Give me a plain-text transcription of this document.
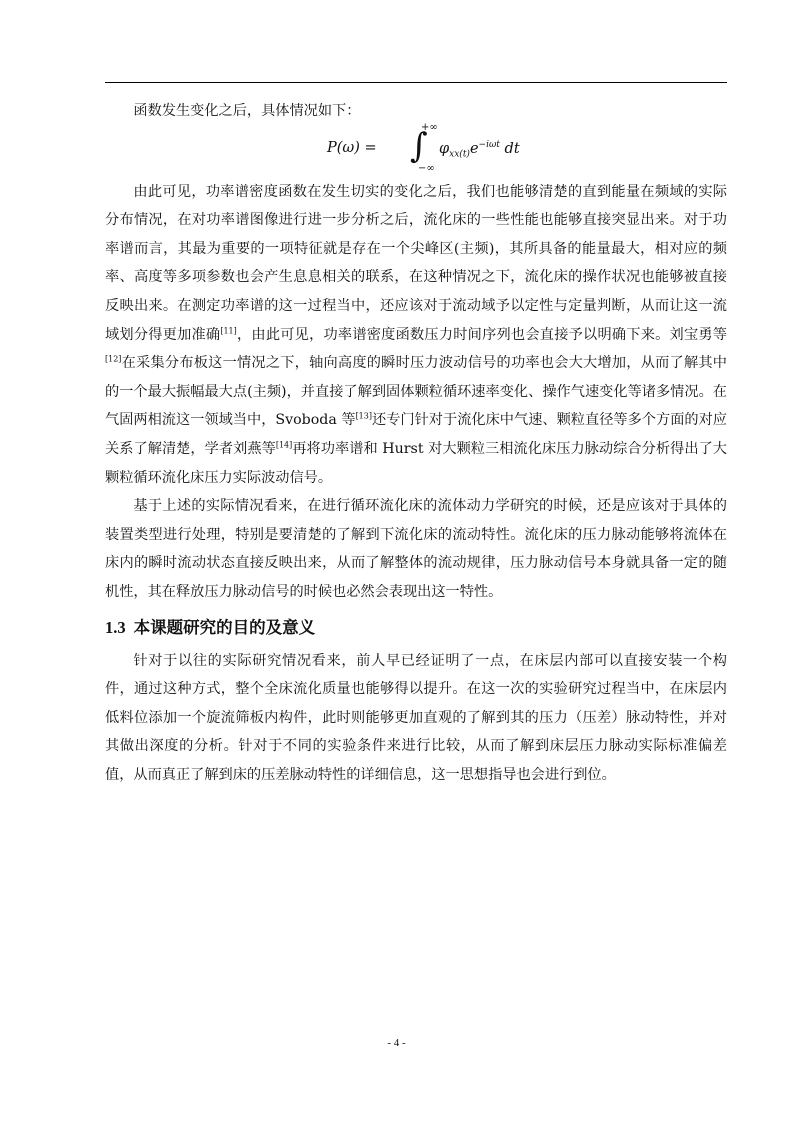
函数发生变化之后，具体情况如下：

P(ω) = ∫
+∞
−∞
$\varphi_{xx(t)}e^{-i\omega t}$ dt

由此可见，功率谱密度函数在发生切实的变化之后，我们也能够清楚的直到能量在频域的实际分布情况，在对功率谱图像进行进一步分析之后，流化床的一些性能也能够直接突显出来。对于功率谱而言，其最为重要的一项特征就是存在一个尖峰区(主频)，其所具备的能量最大，相对应的频率、高度等多项参数也会产生息息相关的联系，在这种情况之下，流化床的操作状况也能够被直接反映出来。在测定功率谱的这一过程当中，还应该对于流动域予以定性与定量判断，从而让这一流域划分得更加准确[11]，由此可见，功率谱密度函数压力时间序列也会直接予以明确下来。刘宝勇等[12]在采集分布板这一情况之下，轴向高度的瞬时压力波动信号的功率也会大大增加，从而了解其中的一个最大振幅最大点(主频)，并直接了解到固体颗粒循环速率变化、操作气速变化等诸多情况。在气固两相流这一领域当中，Svoboda 等[13]还专门针对于流化床中气速、颗粒直径等多个方面的对应关系了解清楚，学者刘燕等[14]再将功率谱和 Hurst 对大颗粒三相流化床压力脉动综合分析得出了大颗粒循环流化床压力实际波动信号。

基于上述的实际情况看来，在进行循环流化床的流体动力学研究的时候，还是应该对于具体的装置类型进行处理，特别是要清楚的了解到下流化床的流动特性。流化床的压力脉动能够将流体在床内的瞬时流动状态直接反映出来，从而了解整体的流动规律，压力脉动信号本身就具备一定的随机性，其在释放压力脉动信号的时候也必然会表现出这一特性。

1.3 本课题研究的目的及意义

针对于以往的实际研究情况看来，前人早已经证明了一点，在床层内部可以直接安装一个构件，通过这种方式，整个全床流化质量也能够得以提升。在这一次的实验研究过程当中，在床层内低料位添加一个旋流筛板内构件，此时则能够更加直观的了解到其的压力（压差）脉动特性，并对其做出深度的分析。针对于不同的实验条件来进行比较，从而了解到床层压力脉动实际标准偏差值，从而真正了解到床的压差脉动特性的详细信息，这一思想指导也会进行到位。

- 4 -
